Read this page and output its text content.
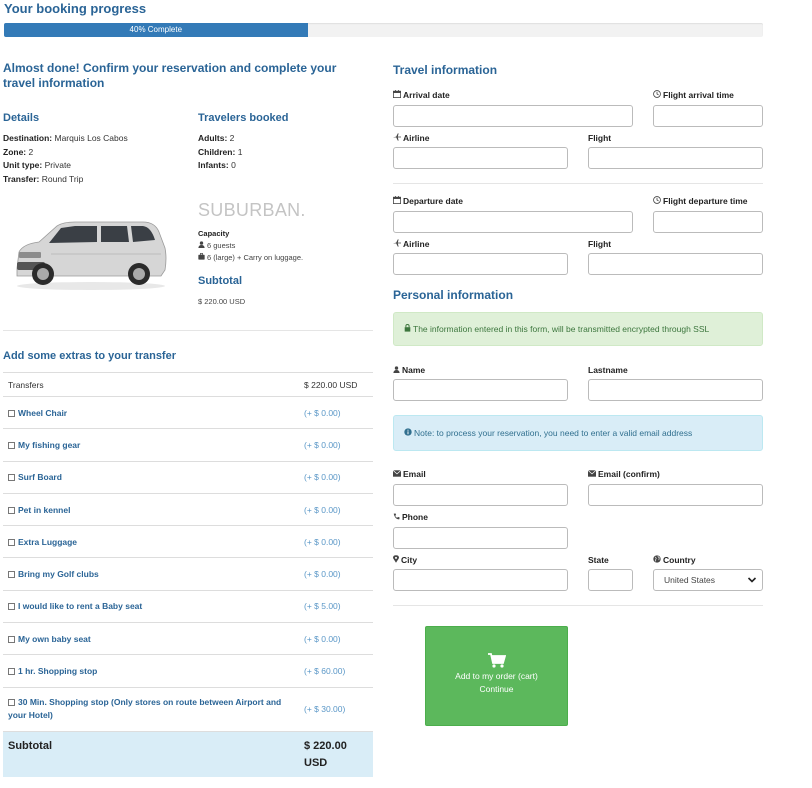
Your booking progress
40% Complete
Almost done! Confirm your reservation and complete your travel information
Details
Destination: Marquis Los Cabos
Zone: 2
Unit type: Private
Transfer: Round Trip
Travelers booked
Adults: 2
Children: 1
Infants: 0
SUBURBAN.
Capacity
6 guests
6 (large) + Carry on luggage.
Subtotal
$ 220.00 USD
Add some extras to your transfer
Transfers	$ 220.00 USD
Wheel Chair	(+ $ 0.00)
My fishing gear	(+ $ 0.00)
Surf Board	(+ $ 0.00)
Pet in kennel	(+ $ 0.00)
Extra Luggage	(+ $ 0.00)
Bring my Golf clubs	(+ $ 0.00)
I would like to rent a Baby seat	(+ $ 5.00)
My own baby seat	(+ $ 0.00)
1 hr. Shopping stop	(+ $ 60.00)
30 Min. Shopping stop (Only stores on route between Airport and your Hotel)	(+ $ 30.00)
Subtotal	$ 220.00 USD
Travel information
Arrival date	Flight arrival time
Airline	Flight
Departure date	Flight departure time
Airline	Flight
Personal information
The information entered in this form, will be transmitted encrypted through SSL
Name	Lastname
Note: to process your reservation, you need to enter a valid email address
Email	Email (confirm)
Phone
City	State	Country
United States
Add to my order (cart)
Continue
